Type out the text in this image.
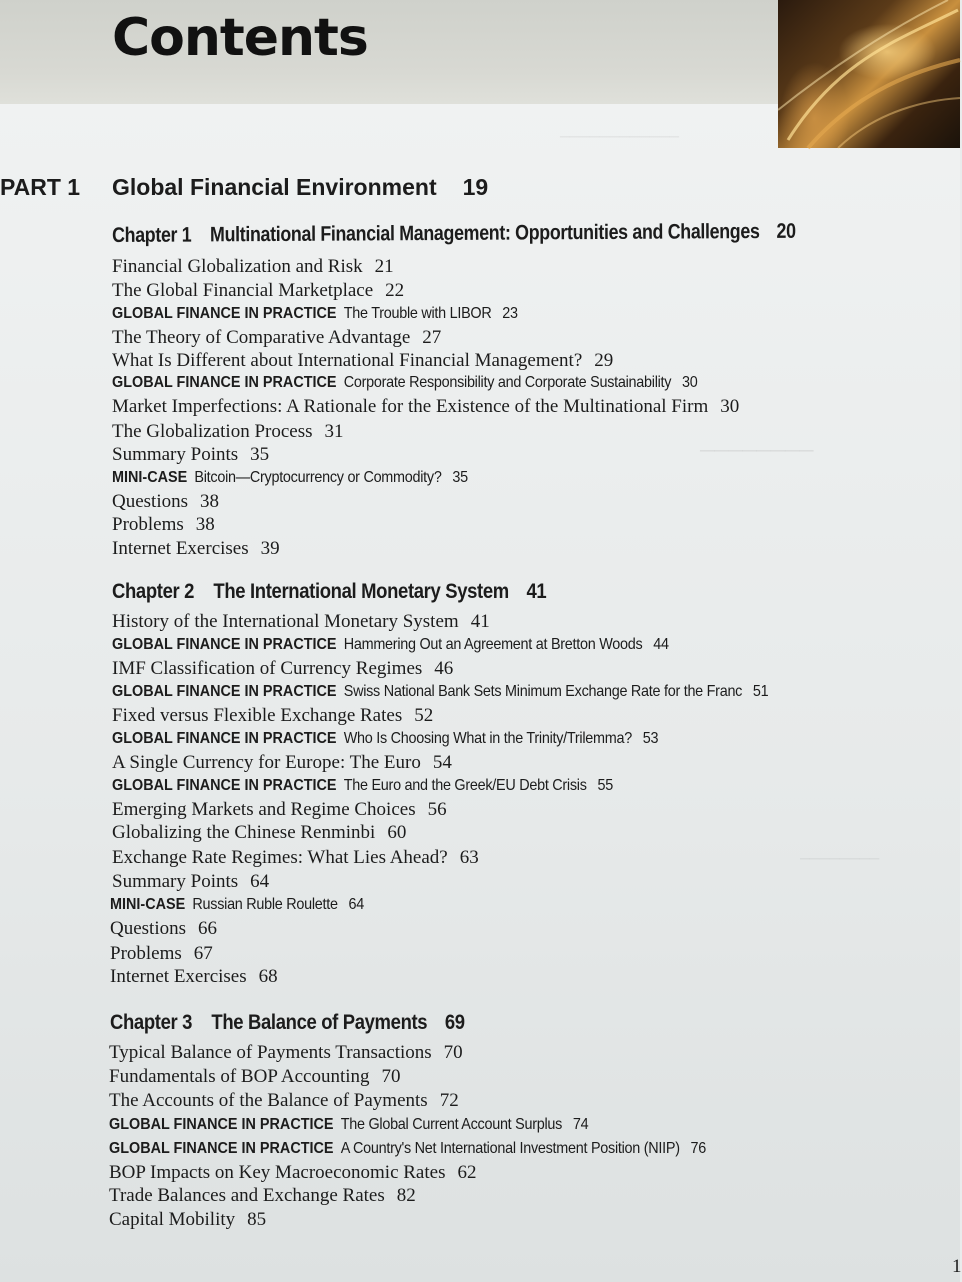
Contents
────────────
────────
────────
PART 1 Global Financial Environment 19
Chapter 1 Multinational Financial Management: Opportunities and Challenges 20
Financial Globalization and Risk 21
The Global Financial Marketplace 22
GLOBAL FINANCE IN PRACTICE The Trouble with LIBOR 23
The Theory of Comparative Advantage 27
What Is Different about International Financial Management? 29
GLOBAL FINANCE IN PRACTICE Corporate Responsibility and Corporate Sustainability 30
Market Imperfections: A Rationale for the Existence of the Multinational Firm 30
The Globalization Process 31
Summary Points 35
MINI-CASE Bitcoin—Cryptocurrency or Commodity? 35
Questions 38
Problems 38
Internet Exercises 39
Chapter 2 The International Monetary System 41
History of the International Monetary System 41
GLOBAL FINANCE IN PRACTICE Hammering Out an Agreement at Bretton Woods 44
IMF Classification of Currency Regimes 46
GLOBAL FINANCE IN PRACTICE Swiss National Bank Sets Minimum Exchange Rate for the Franc 51
Fixed versus Flexible Exchange Rates 52
GLOBAL FINANCE IN PRACTICE Who Is Choosing What in the Trinity/Trilemma? 53
A Single Currency for Europe: The Euro 54
GLOBAL FINANCE IN PRACTICE The Euro and the Greek/EU Debt Crisis 55
Emerging Markets and Regime Choices 56
Globalizing the Chinese Renminbi 60
Exchange Rate Regimes: What Lies Ahead? 63
Summary Points 64
MINI-CASE Russian Ruble Roulette 64
Questions 66
Problems 67
Internet Exercises 68
Chapter 3 The Balance of Payments 69
Typical Balance of Payments Transactions 70
Fundamentals of BOP Accounting 70
The Accounts of the Balance of Payments 72
GLOBAL FINANCE IN PRACTICE The Global Current Account Surplus 74
GLOBAL FINANCE IN PRACTICE A Country's Net International Investment Position (NIIP) 76
BOP Impacts on Key Macroeconomic Rates 62
Trade Balances and Exchange Rates 82
Capital Mobility 85
1
